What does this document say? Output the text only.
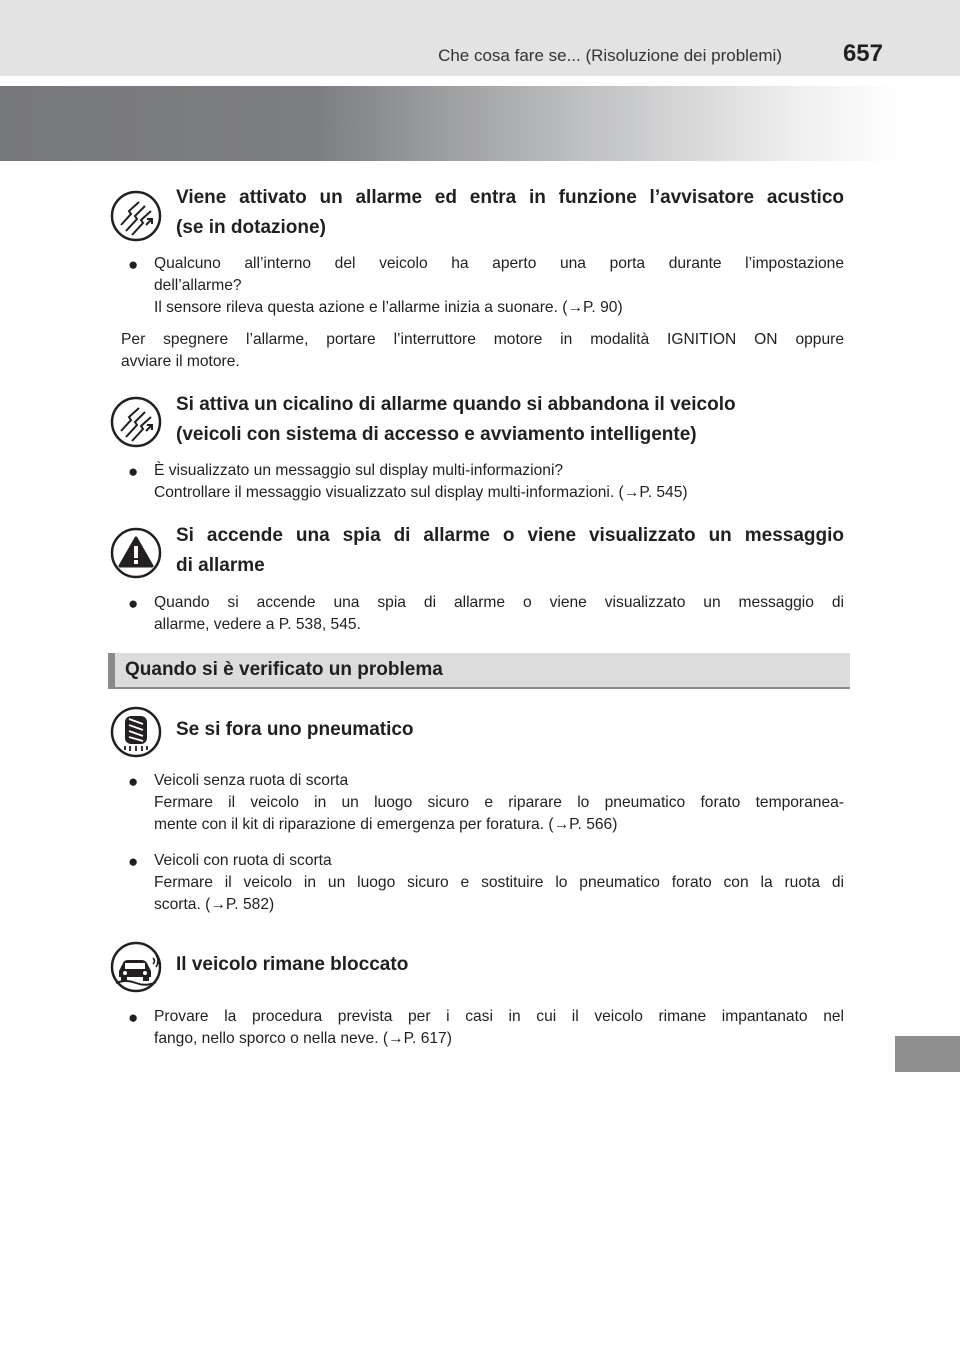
Che cosa fare se... (Risoluzione dei problemi)	657
Viene attivato un allarme ed entra in funzione l’avvisatore acustico
(se in dotazione)
● Qualcuno all’interno del veicolo ha aperto una porta durante l’impostazione
dell’allarme?
Il sensore rileva questa azione e l’allarme inizia a suonare. (→P. 90)
Per spegnere l’allarme, portare l’interruttore motore in modalità IGNITION ON oppure
avviare il motore.
Si attiva un cicalino di allarme quando si abbandona il veicolo
(veicoli con sistema di accesso e avviamento intelligente)
● È visualizzato un messaggio sul display multi-informazioni?
Controllare il messaggio visualizzato sul display multi-informazioni. (→P. 545)
Si accende una spia di allarme o viene visualizzato un messaggio
di allarme
● Quando si accende una spia di allarme o viene visualizzato un messaggio di
allarme, vedere a P. 538, 545.
Quando si è verificato un problema
Se si fora uno pneumatico
● Veicoli senza ruota di scorta
Fermare il veicolo in un luogo sicuro e riparare lo pneumatico forato temporanea-
mente con il kit di riparazione di emergenza per foratura. (→P. 566)
● Veicoli con ruota di scorta
Fermare il veicolo in un luogo sicuro e sostituire lo pneumatico forato con la ruota di
scorta. (→P. 582)
Il veicolo rimane bloccato
● Provare la procedura prevista per i casi in cui il veicolo rimane impantanato nel
fango, nello sporco o nella neve. (→P. 617)
